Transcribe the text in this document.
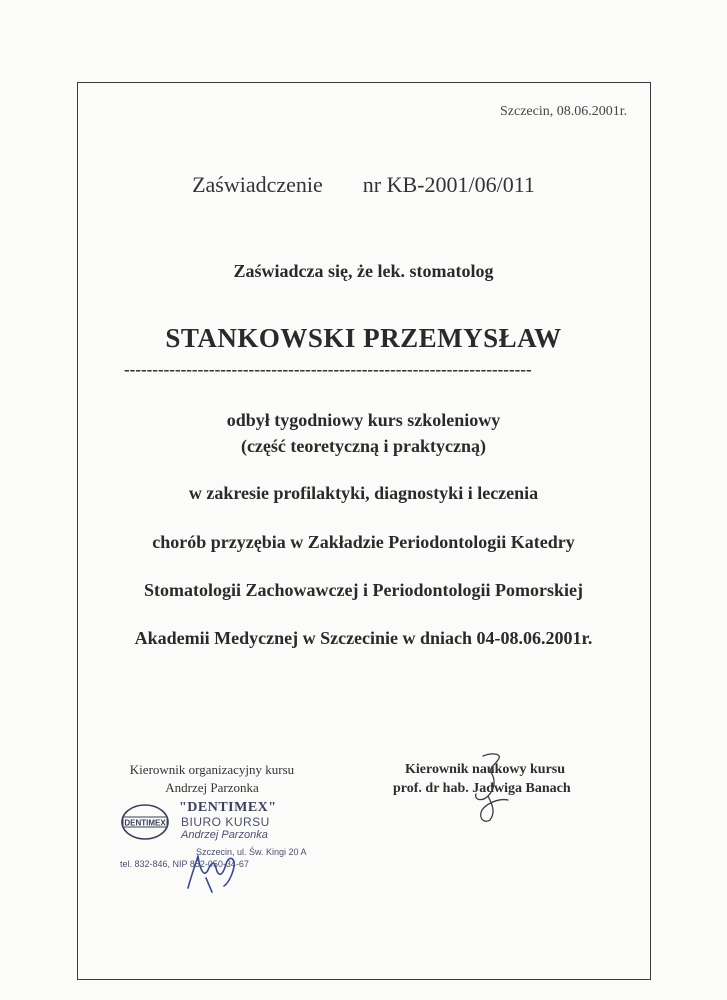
Szczecin, 08.06.2001r.
Zaświadczenie nr KB-2001/06/011
Zaświadcza się, że lek. stomatolog
STANKOWSKI PRZEMYSŁAW
------------------------------------------------------------------------
odbył tygodniowy kurs szkoleniowy
(część teoretyczną i praktyczną)
w zakresie profilaktyki, diagnostyki i leczenia
chorób przyzębia w Zakładzie Periodontologii Katedry
Stomatologii Zachowawczej i Periodontologii Pomorskiej
Akademii Medycznej w Szczecinie w dniach 04-08.06.2001r.
Kierownik organizacyjny kursu
Andrzej Parzonka
Kierownik naukowy kursu
prof. dr hab. Jadwiga Banach
DENTIMEX
"DENTIMEX"
BIURO KURSU
Andrzej Parzonka
Szczecin, ul. Św. Kingi 20 A
tel. 832-846, NIP 852-050-34-67
